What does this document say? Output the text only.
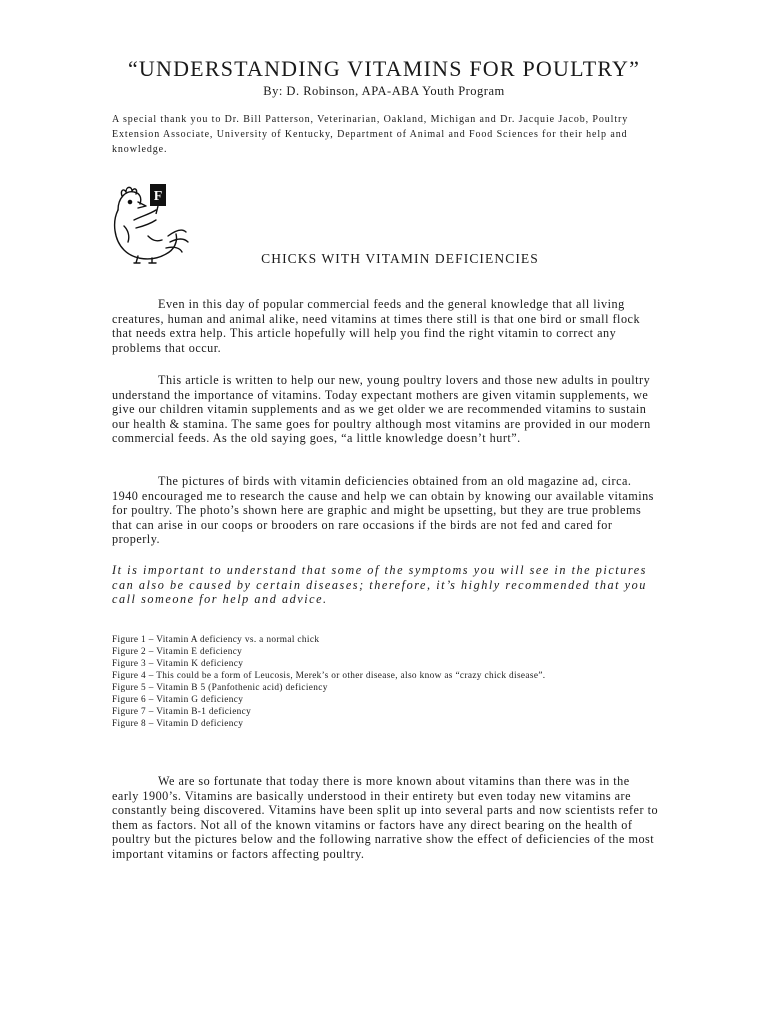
“UNDERSTANDING VITAMINS FOR POULTRY”
By: D. Robinson, APA-ABA Youth Program

A special thank you to Dr. Bill Patterson, Veterinarian, Oakland, Michigan and Dr. Jacquie Jacob, Poultry Extension Associate, University of Kentucky, Department of Animal and Food Sciences for their help and knowledge.

F
CHICKS WITH VITAMIN DEFICIENCIES

Even in this day of popular commercial feeds and the general knowledge that all living creatures, human and animal alike, need vitamins at times there still is that one bird or small flock that needs extra help. This article hopefully will help you find the right vitamin to correct any problems that occur.

This article is written to help our new, young poultry lovers and those new adults in poultry understand the importance of vitamins. Today expectant mothers are given vitamin supplements, we give our children vitamin supplements and as we get older we are recommended vitamins to sustain our health & stamina. The same goes for poultry although most vitamins are provided in our modern commercial feeds. As the old saying goes, “a little knowledge doesn’t hurt”.

The pictures of birds with vitamin deficiencies obtained from an old magazine ad, circa. 1940 encouraged me to research the cause and help we can obtain by knowing our available vitamins for poultry. The photo’s shown here are graphic and might be upsetting, but they are true problems that can arise in our coops or brooders on rare occasions if the birds are not fed and cared for properly.

It is important to understand that some of the symptoms you will see in the pictures can also be caused by certain diseases; therefore, it’s highly recommended that you call someone for help and advice.

Figure 1 – Vitamin A deficiency vs. a normal chick
Figure 2 – Vitamin E deficiency
Figure 3 – Vitamin K deficiency
Figure 4 – This could be a form of Leucosis, Merek’s or other disease, also know as “crazy chick disease”.
Figure 5 – Vitamin B 5 (Panfothenic acid) deficiency
Figure 6 – Vitamin G deficiency
Figure 7 – Vitamin B-1 deficiency
Figure 8 – Vitamin D deficiency

We are so fortunate that today there is more known about vitamins than there was in the early 1900’s. Vitamins are basically understood in their entirety but even today new vitamins are constantly being discovered. Vitamins have been split up into several parts and now scientists refer to them as factors. Not all of the known vitamins or factors have any direct bearing on the health of poultry but the pictures below and the following narrative show the effect of deficiencies of the most important vitamins or factors affecting poultry.
